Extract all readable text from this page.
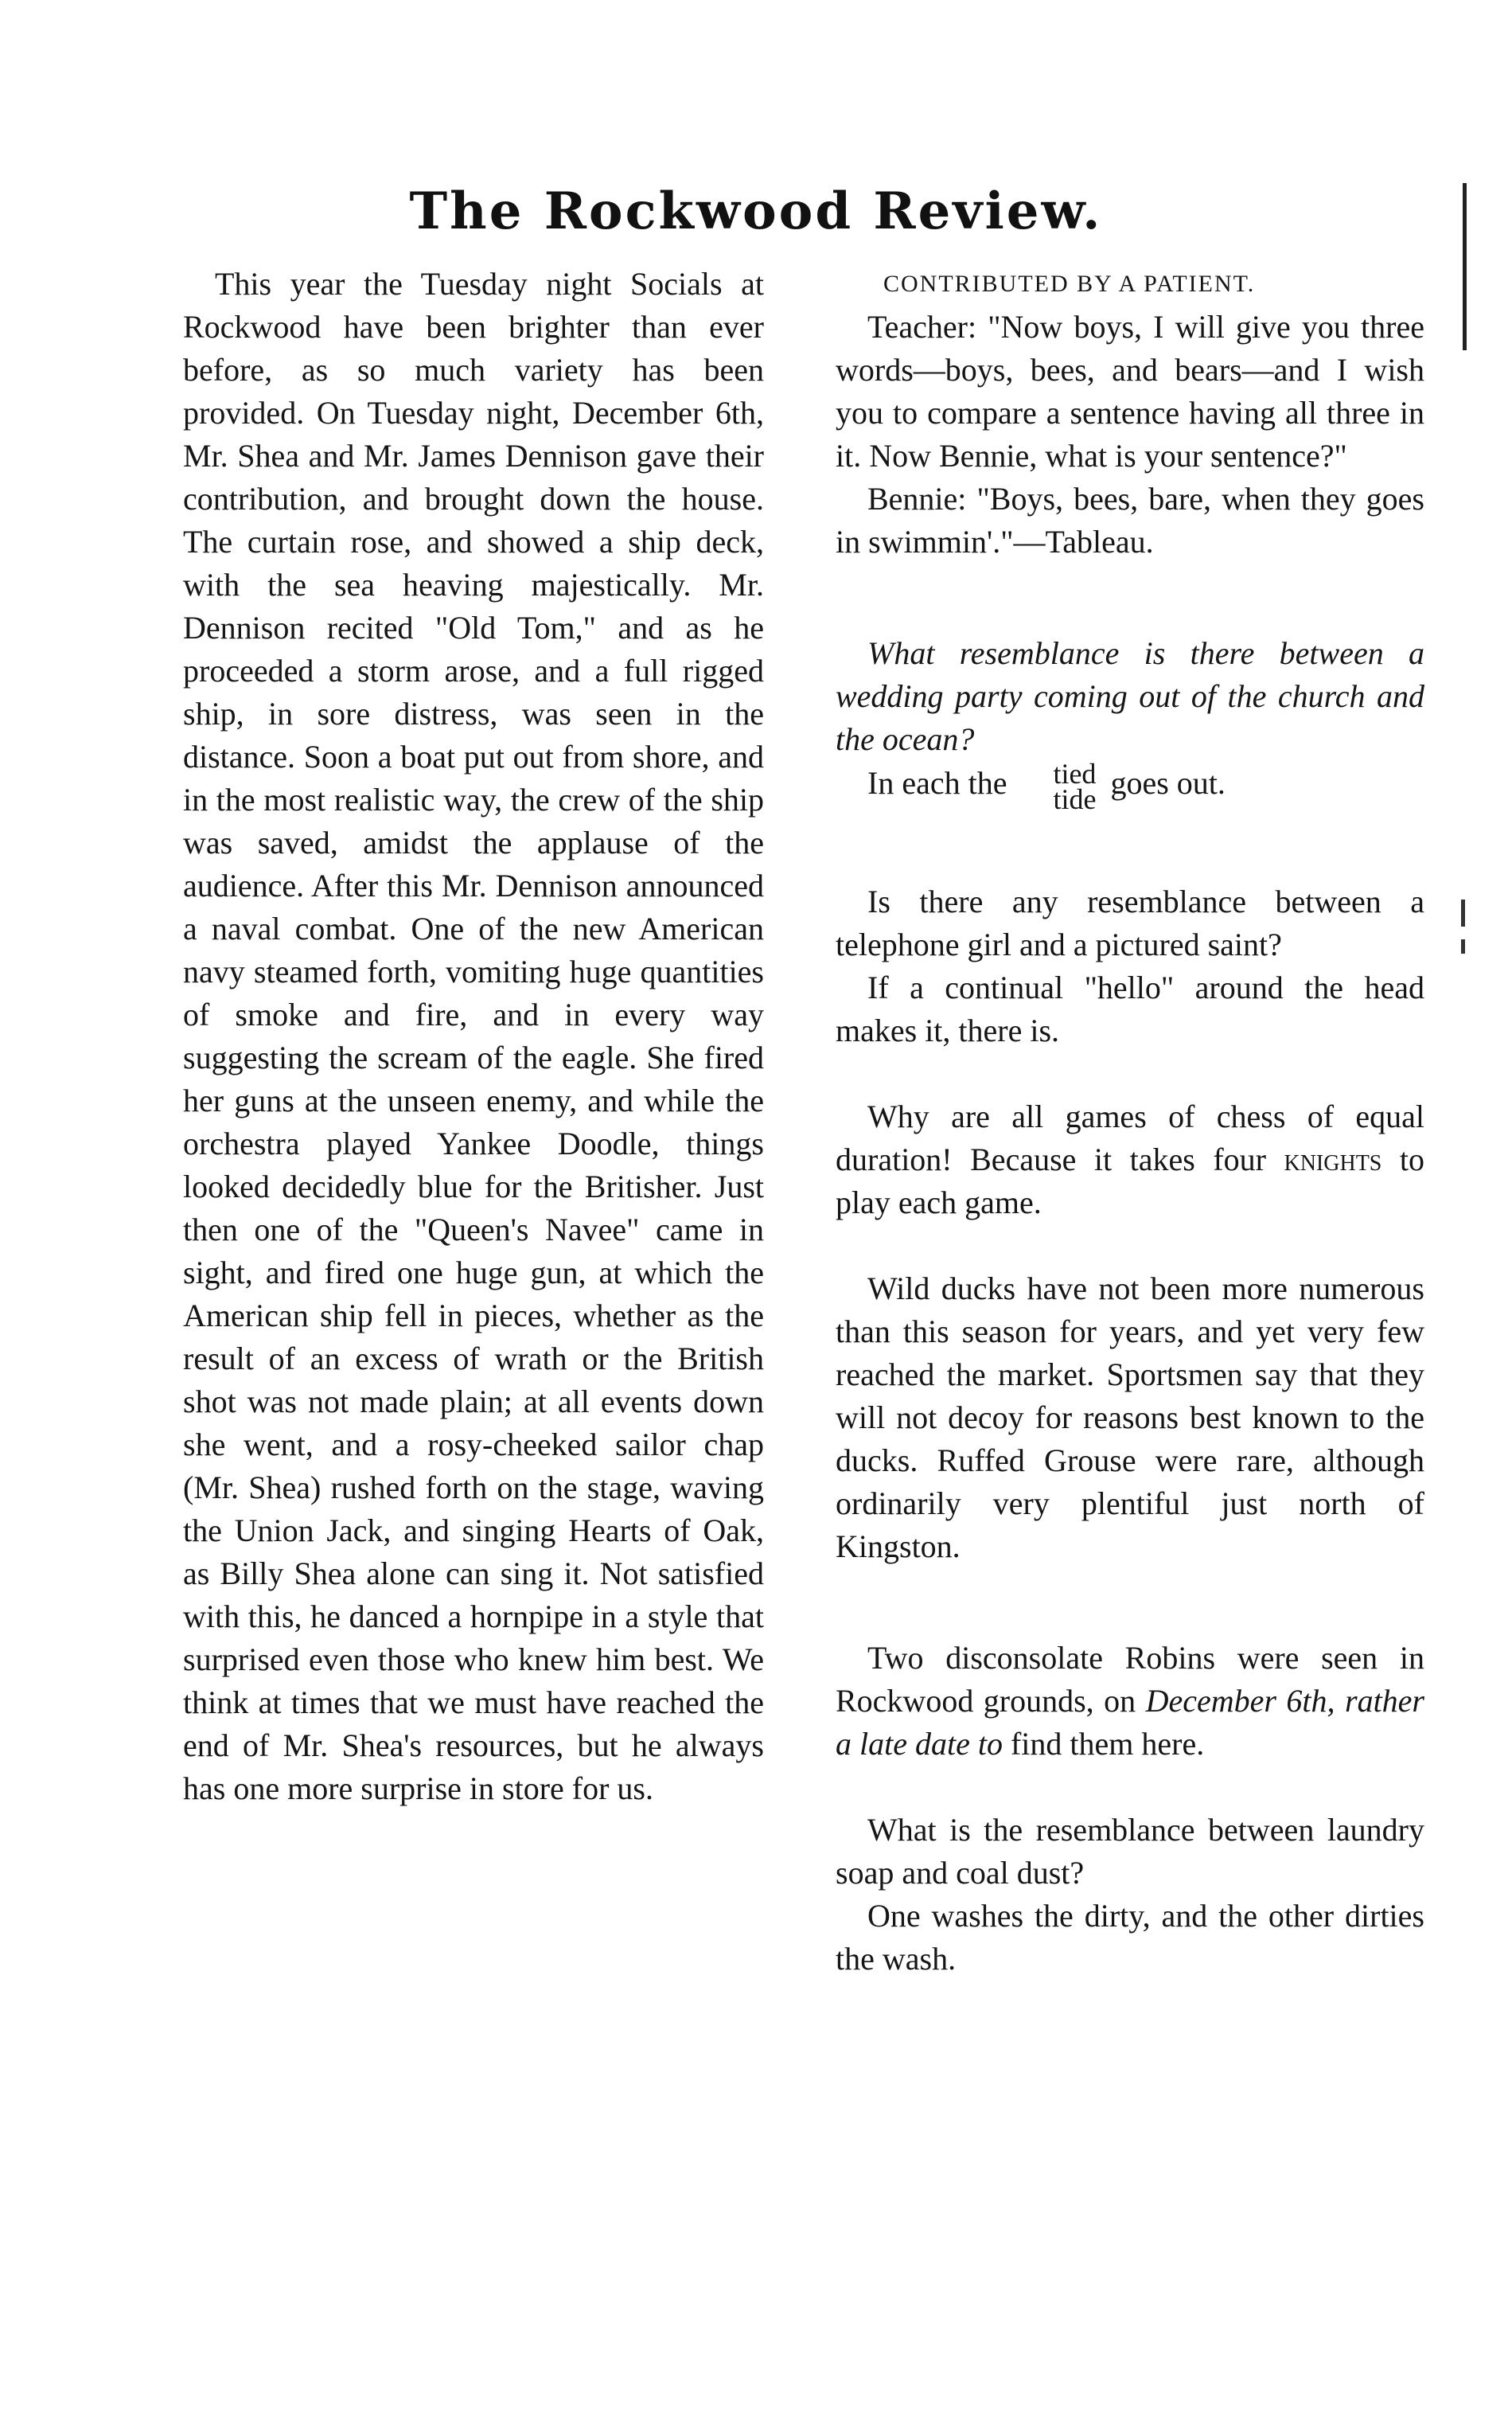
The Rockwood Review.

This year the Tuesday night Socials at Rockwood have been brighter than ever before, as so much variety has been provided. On Tuesday night, December 6th, Mr. Shea and Mr. James Dennison gave their contribution, and brought down the house. The curtain rose, and showed a ship deck, with the sea heaving majestically. Mr. Dennison recited "Old Tom," and as he proceeded a storm arose, and a full rigged ship, in sore distress, was seen in the distance. Soon a boat put out from shore, and in the most realistic way, the crew of the ship was saved, amidst the applause of the audience. After this Mr. Dennison announced a naval combat. One of the new American navy steamed forth, vomiting huge quantities of smoke and fire, and in every way suggesting the scream of the eagle. She fired her guns at the unseen enemy, and while the orchestra played Yankee Doodle, things looked decidedly blue for the Britisher. Just then one of the "Queen's Navee" came in sight, and fired one huge gun, at which the American ship fell in pieces, whether as the result of an excess of wrath or the British shot was not made plain; at all events down she went, and a rosy-cheeked sailor chap (Mr. Shea) rushed forth on the stage, waving the Union Jack, and singing Hearts of Oak, as Billy Shea alone can sing it. Not satisfied with this, he danced a hornpipe in a style that surprised even those who knew him best. We think at times that we must have reached the end of Mr. Shea's resources, but he always has one more surprise in store for us.

CONTRIBUTED BY A PATIENT.

Teacher: "Now boys, I will give you three words—boys, bees, and bears—and I wish you to compare a sentence having all three in it. Now Bennie, what is your sentence?"

Bennie: "Boys, bees, bare, when they goes in swimmin'."—Tableau.

What resemblance is there between a wedding party coming out of the church and the ocean?

In each the	tied
tide goes out.

Is there any resemblance between a telephone girl and a pictured saint?

If a continual "hello" around the head makes it, there is.

Why are all games of chess of equal duration! Because it takes four knights to play each game.

Wild ducks have not been more numerous than this season for years, and yet very few reached the market. Sportsmen say that they will not decoy for reasons best known to the ducks. Ruffed Grouse were rare, although ordinarily very plentiful just north of Kingston.

Two disconsolate Robins were seen in Rockwood grounds, on December 6th, rather a late date to find them here.

What is the resemblance between laundry soap and coal dust?

One washes the dirty, and the other dirties the wash.
